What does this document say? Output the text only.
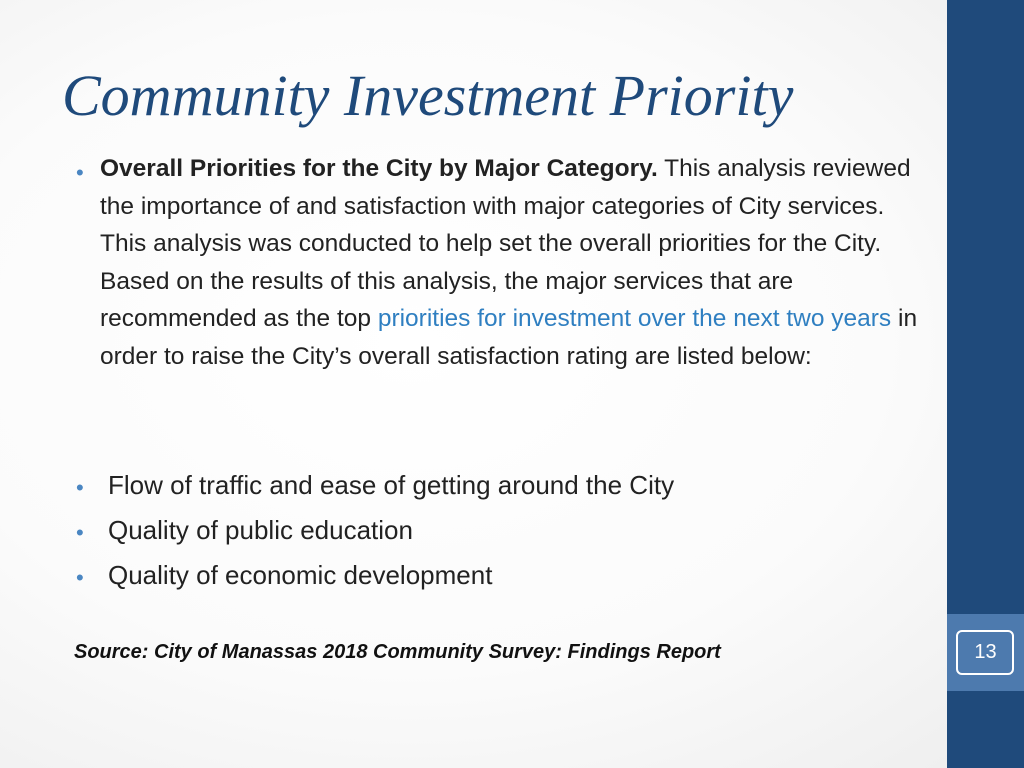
13
Community Investment Priority
• Overall Priorities for the City by Major Category. This analysis reviewed the importance of and satisfaction with major categories of City services. This analysis was conducted to help set the overall priorities for the City. Based on the results of this analysis, the major services that are recommended as the top priorities for investment over the next two years in order to raise the City’s overall satisfaction rating are listed below:
• Flow of traffic and ease of getting around the City
• Quality of public education
• Quality of economic development
Source: City of Manassas 2018 Community Survey: Findings Report
